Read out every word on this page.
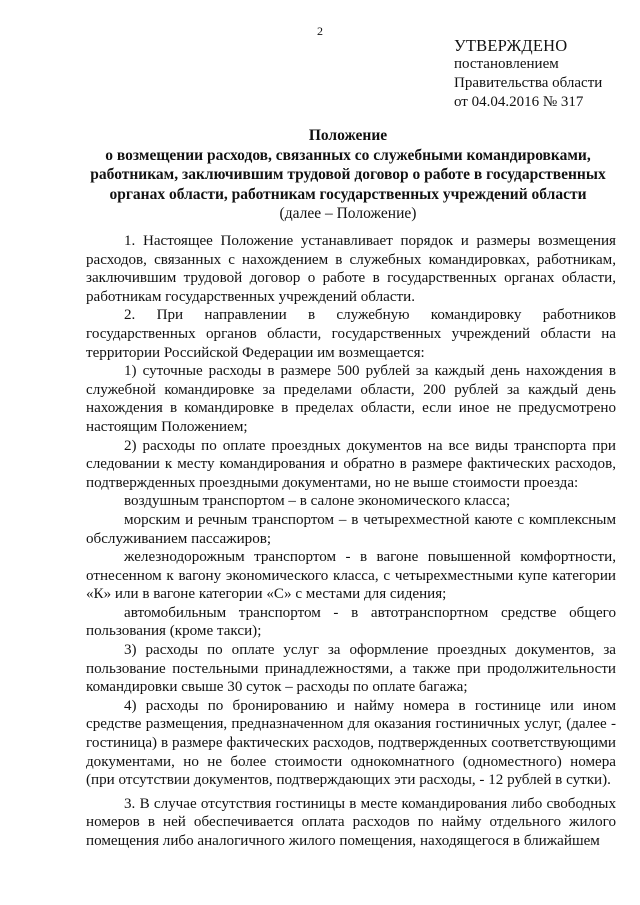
2
УТВЕРЖДЕНО
постановлением
Правительства области
от 04.04.2016 № 317
Положение
о возмещении расходов, связанных со служебными командировками,
работникам, заключившим трудовой договор о работе в государственных
органах области, работникам государственных учреждений области
(далее – Положение)

1. Настоящее Положение устанавливает порядок и размеры возмещения расходов, связанных с нахождением в служебных командировках, работникам, заключившим трудовой договор о работе в государственных органах области, работникам государственных учреждений области.

2. При направлении в служебную командировку работников государственных органов области, государственных учреждений области на территории Российской Федерации им возмещается:

1) суточные расходы в размере 500 рублей за каждый день нахождения в служебной командировке за пределами области, 200 рублей за каждый день нахождения в командировке в пределах области, если иное не предусмотрено настоящим Положением;

2) расходы по оплате проездных документов на все виды транспорта при следовании к месту командирования и обратно в размере фактических расходов, подтвержденных проездными документами, но не выше стоимости проезда:

воздушным транспортом – в салоне экономического класса;

морским и речным транспортом – в четырехместной каюте с комплексным обслуживанием пассажиров;

железнодорожным транспортом - в вагоне повышенной комфортности, отнесенном к вагону экономического класса, с четырехместными купе категории «К» или в вагоне категории «С» с местами для сидения;

автомобильным транспортом - в автотранспортном средстве общего пользования (кроме такси);

3) расходы по оплате услуг за оформление проездных документов, за пользование постельными принадлежностями, а также при продолжительности командировки свыше 30 суток – расходы по оплате багажа;

4) расходы по бронированию и найму номера в гостинице или ином средстве размещения, предназначенном для оказания гостиничных услуг, (далее - гостиница) в размере фактических расходов, подтвержденных соответствующими документами, но не более стоимости однокомнатного (одноместного) номера (при отсутствии документов, подтверждающих эти расходы, - 12 рублей в сутки).

3. В случае отсутствия гостиницы в месте командирования либо свободных номеров в ней обеспечивается оплата расходов по найму отдельного жилого помещения либо аналогичного жилого помещения, находящегося в ближайшем
